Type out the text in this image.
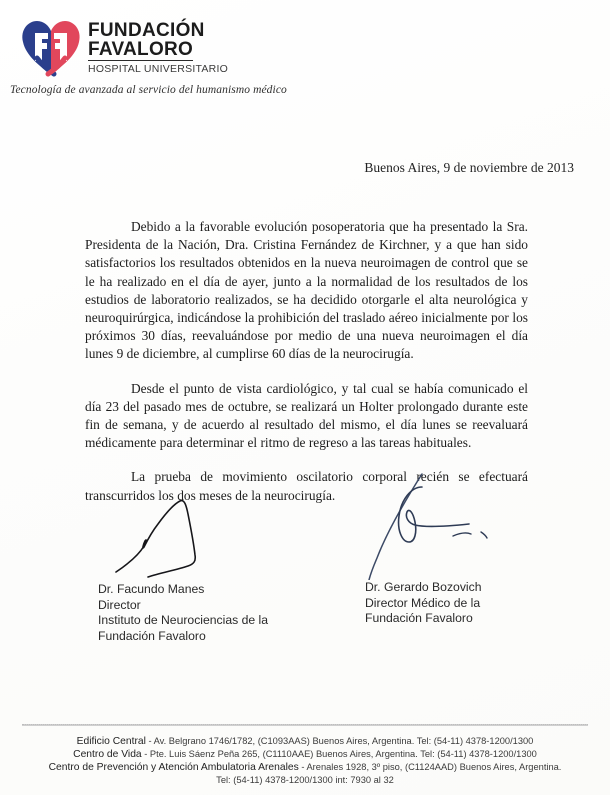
FUNDACIÓN
FAVALORO
HOSPITAL UNIVERSITARIO
Tecnología de avanzada al servicio del humanismo médico
Buenos Aires, 9 de noviembre de 2013

Debido a la favorable evolución posoperatoria que ha presentado la Sra. Presidenta de la Nación, Dra. Cristina Fernández de Kirchner, y a que han sido satisfactorios los resultados obtenidos en la nueva neuroimagen de control que se le ha realizado en el día de ayer, junto a la normalidad de los resultados de los estudios de laboratorio realizados, se ha decidido otorgarle el alta neurológica y neuroquirúrgica, indicándose la prohibición del traslado aéreo inicialmente por los próximos 30 días, reevaluándose por medio de una nueva neuroimagen el día lunes 9 de diciembre, al cumplirse 60 días de la neurocirugía.

Desde el punto de vista cardiológico, y tal cual se había comunicado el día 23 del pasado mes de octubre, se realizará un Holter prolongado durante este fin de semana, y de acuerdo al resultado del mismo, el día lunes se reevaluará médicamente para determinar el ritmo de regreso a las tareas habituales.

La prueba de movimiento oscilatorio corporal recién se efectuará transcurridos los dos meses de la neurocirugía.

Dr. Facundo Manes
Director
Instituto de Neurociencias de la
Fundación Favaloro
Dr. Gerardo Bozovich
Director Médico de la
Fundación Favaloro
Edificio Central - Av. Belgrano 1746/1782, (C1093AAS) Buenos Aires, Argentina. Tel: (54-11) 4378-1200/1300
Centro de Vida - Pte. Luis Sáenz Peña 265, (C1110AAE) Buenos Aires, Argentina. Tel: (54-11) 4378-1200/1300
Centro de Prevención y Atención Ambulatoria Arenales - Arenales 1928, 3º piso, (C1124AAD) Buenos Aires, Argentina.
Tel: (54-11) 4378-1200/1300 int: 7930 al 32
